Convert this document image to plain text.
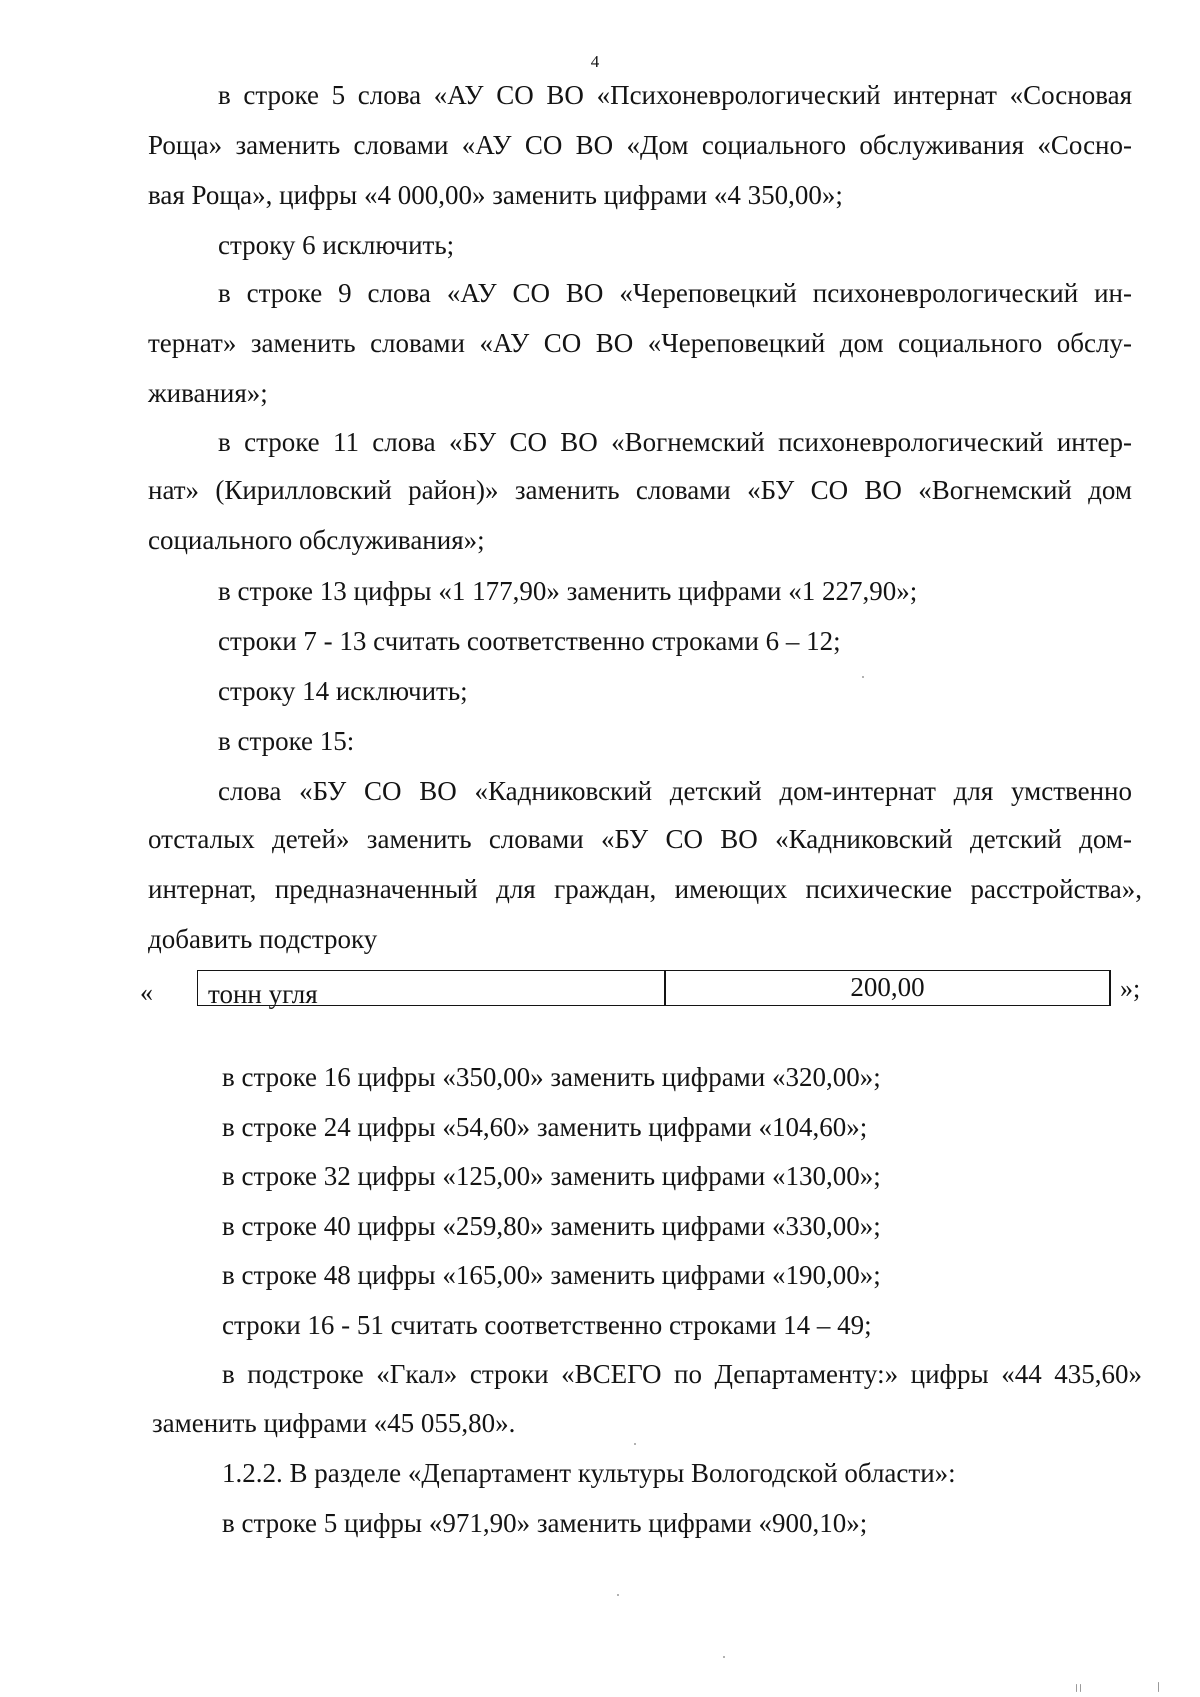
4
в строке 5 слова «АУ СО ВО «Психоневрологический интернат «Сосновая
Роща» заменить словами «АУ СО ВО «Дом социального обслуживания «Сосно-
вая Роща», цифры «4 000,00» заменить цифрами «4 350,00»;
строку 6 исключить;
в строке 9 слова «АУ СО ВО «Череповецкий психоневрологический ин-
тернат» заменить словами «АУ СО ВО «Череповецкий дом социального обслу-
живания»;
в строке 11 слова «БУ СО ВО «Вогнемский психоневрологический интер-
нат» (Кирилловский район)» заменить словами «БУ СО ВО «Вогнемский дом
социального обслуживания»;
в строке 13 цифры «1 177,90» заменить цифрами «1 227,90»;
строки 7 - 13 считать соответственно строками 6 – 12;
строку 14 исключить;
в строке 15:
слова «БУ СО ВО «Кадниковский детский дом-интернат для умственно
отсталых детей» заменить словами «БУ СО ВО «Кадниковский детский дом-
интернат, предназначенный для граждан, имеющих психические расстройства»,
добавить подстроку
« тонн угля	200,00	»;
в строке 16 цифры «350,00» заменить цифрами «320,00»;
в строке 24 цифры «54,60» заменить цифрами «104,60»;
в строке 32 цифры «125,00» заменить цифрами «130,00»;
в строке 40 цифры «259,80» заменить цифрами «330,00»;
в строке 48 цифры «165,00» заменить цифрами «190,00»;
строки 16 - 51 считать соответственно строками 14 – 49;
в подстроке «Гкал» строки «ВСЕГО по Департаменту:» цифры «44 435,60»
заменить цифрами «45 055,80».
1.2.2. В разделе «Департамент культуры Вологодской области»:
в строке 5 цифры «971,90» заменить цифрами «900,10»;
